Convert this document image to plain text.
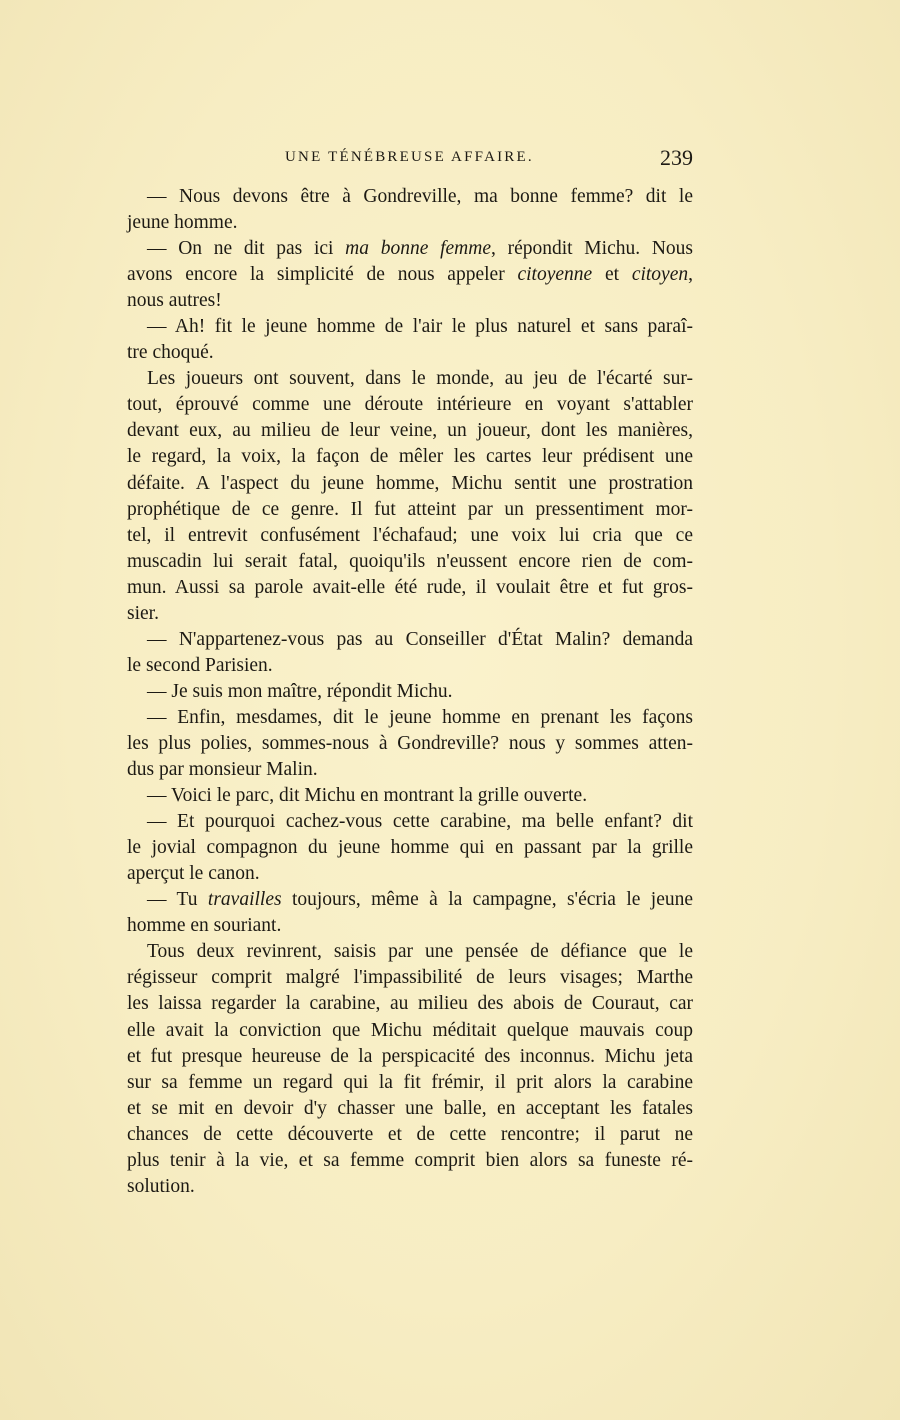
UNE TÉNÉBREUSE AFFAIRE.	239
— Nous devons être à Gondreville, ma bonne femme? dit le
jeune homme.
— On ne dit pas ici ma bonne femme, répondit Michu. Nous
avons encore la simplicité de nous appeler citoyenne et citoyen,
nous autres!
— Ah! fit le jeune homme de l'air le plus naturel et sans paraî-
tre choqué.
Les joueurs ont souvent, dans le monde, au jeu de l'écarté sur-
tout, éprouvé comme une déroute intérieure en voyant s'attabler
devant eux, au milieu de leur veine, un joueur, dont les manières,
le regard, la voix, la façon de mêler les cartes leur prédisent une
défaite. A l'aspect du jeune homme, Michu sentit une prostration
prophétique de ce genre. Il fut atteint par un pressentiment mor-
tel, il entrevit confusément l'échafaud; une voix lui cria que ce
muscadin lui serait fatal, quoiqu'ils n'eussent encore rien de com-
mun. Aussi sa parole avait-elle été rude, il voulait être et fut gros-
sier.
— N'appartenez-vous pas au Conseiller d'État Malin? demanda
le second Parisien.
— Je suis mon maître, répondit Michu.
— Enfin, mesdames, dit le jeune homme en prenant les façons
les plus polies, sommes-nous à Gondreville? nous y sommes atten-
dus par monsieur Malin.
— Voici le parc, dit Michu en montrant la grille ouverte.
— Et pourquoi cachez-vous cette carabine, ma belle enfant? dit
le jovial compagnon du jeune homme qui en passant par la grille
aperçut le canon.
— Tu travailles toujours, même à la campagne, s'écria le jeune
homme en souriant.
Tous deux revinrent, saisis par une pensée de défiance que le
régisseur comprit malgré l'impassibilité de leurs visages; Marthe
les laissa regarder la carabine, au milieu des abois de Couraut, car
elle avait la conviction que Michu méditait quelque mauvais coup
et fut presque heureuse de la perspicacité des inconnus. Michu jeta
sur sa femme un regard qui la fit frémir, il prit alors la carabine
et se mit en devoir d'y chasser une balle, en acceptant les fatales
chances de cette découverte et de cette rencontre; il parut ne
plus tenir à la vie, et sa femme comprit bien alors sa funeste ré-
solution.
